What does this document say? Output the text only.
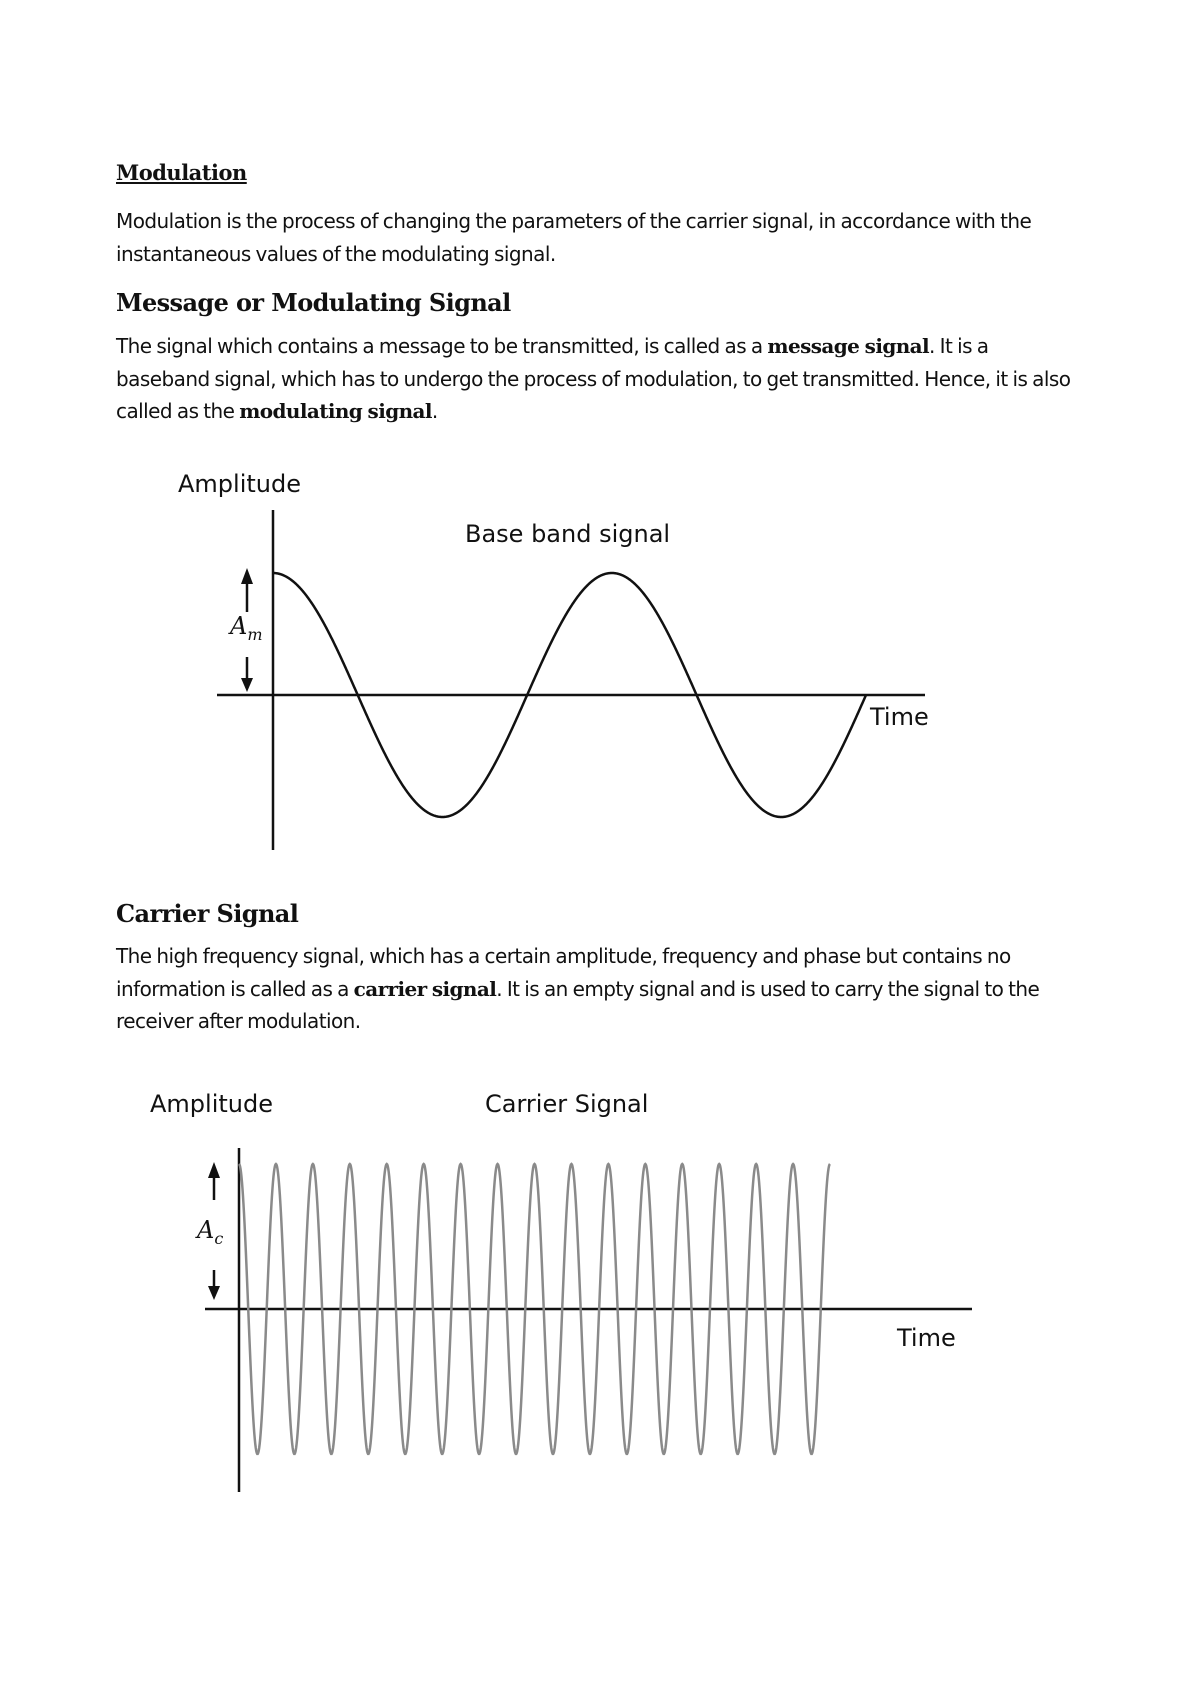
Modulation
Modulation is the process of changing the parameters of the carrier signal, in accordance with the instantaneous values of the modulating signal.
Message or Modulating Signal
The signal which contains a message to be transmitted, is called as a message signal. It is a baseband signal, which has to undergo the process of modulation, to get transmitted. Hence, it is also called as the modulating signal.
Amplitude
Base band signal
Time
$A_m$
Carrier Signal
The high frequency signal, which has a certain amplitude, frequency and phase but contains no information is called as a carrier signal. It is an empty signal and is used to carry the signal to the receiver after modulation.
Amplitude	Carrier Signal
Time
$A_c$
